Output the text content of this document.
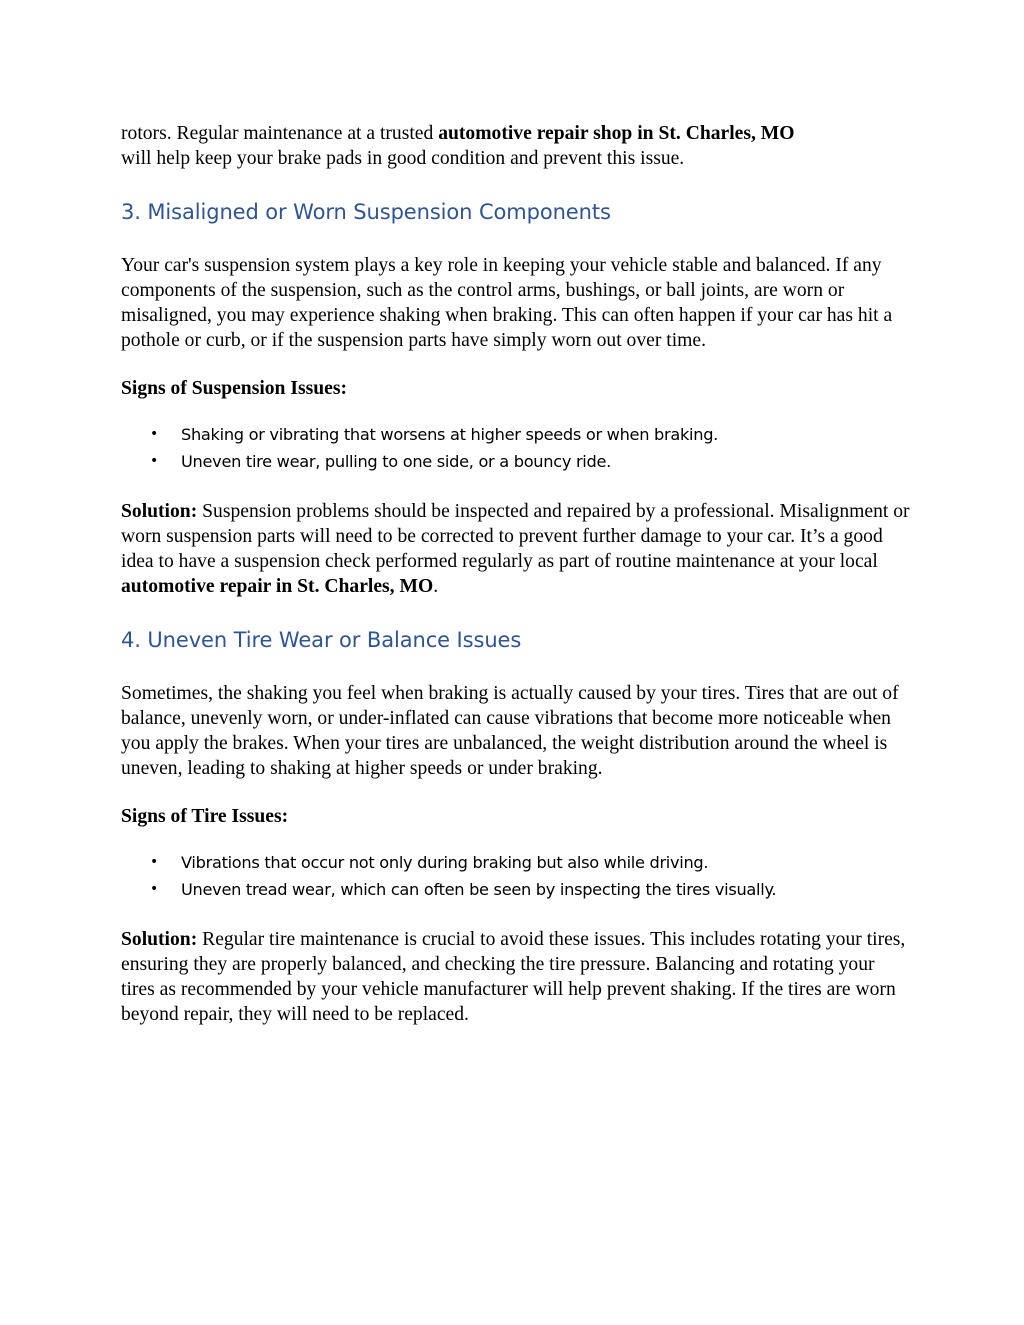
rotors. Regular maintenance at a trusted automotive repair shop in St. Charles, MO
will help keep your brake pads in good condition and prevent this issue.

3. Misaligned or Worn Suspension Components

Your car's suspension system plays a key role in keeping your vehicle stable and balanced. If any components of the suspension, such as the control arms, bushings, or ball joints, are worn or misaligned, you may experience shaking when braking. This can often happen if your car has hit a pothole or curb, or if the suspension parts have simply worn out over time.

Signs of Suspension Issues:

• Shaking or vibrating that worsens at higher speeds or when braking.
• Uneven tire wear, pulling to one side, or a bouncy ride.

Solution: Suspension problems should be inspected and repaired by a professional. Misalignment or worn suspension parts will need to be corrected to prevent further damage to your car. It’s a good idea to have a suspension check performed regularly as part of routine maintenance at your local automotive repair in St. Charles, MO.

4. Uneven Tire Wear or Balance Issues

Sometimes, the shaking you feel when braking is actually caused by your tires. Tires that are out of balance, unevenly worn, or under-inflated can cause vibrations that become more noticeable when you apply the brakes. When your tires are unbalanced, the weight distribution around the wheel is uneven, leading to shaking at higher speeds or under braking.

Signs of Tire Issues:

• Vibrations that occur not only during braking but also while driving.
• Uneven tread wear, which can often be seen by inspecting the tires visually.

Solution: Regular tire maintenance is crucial to avoid these issues. This includes rotating your tires, ensuring they are properly balanced, and checking the tire pressure. Balancing and rotating your tires as recommended by your vehicle manufacturer will help prevent shaking. If the tires are worn beyond repair, they will need to be replaced.
